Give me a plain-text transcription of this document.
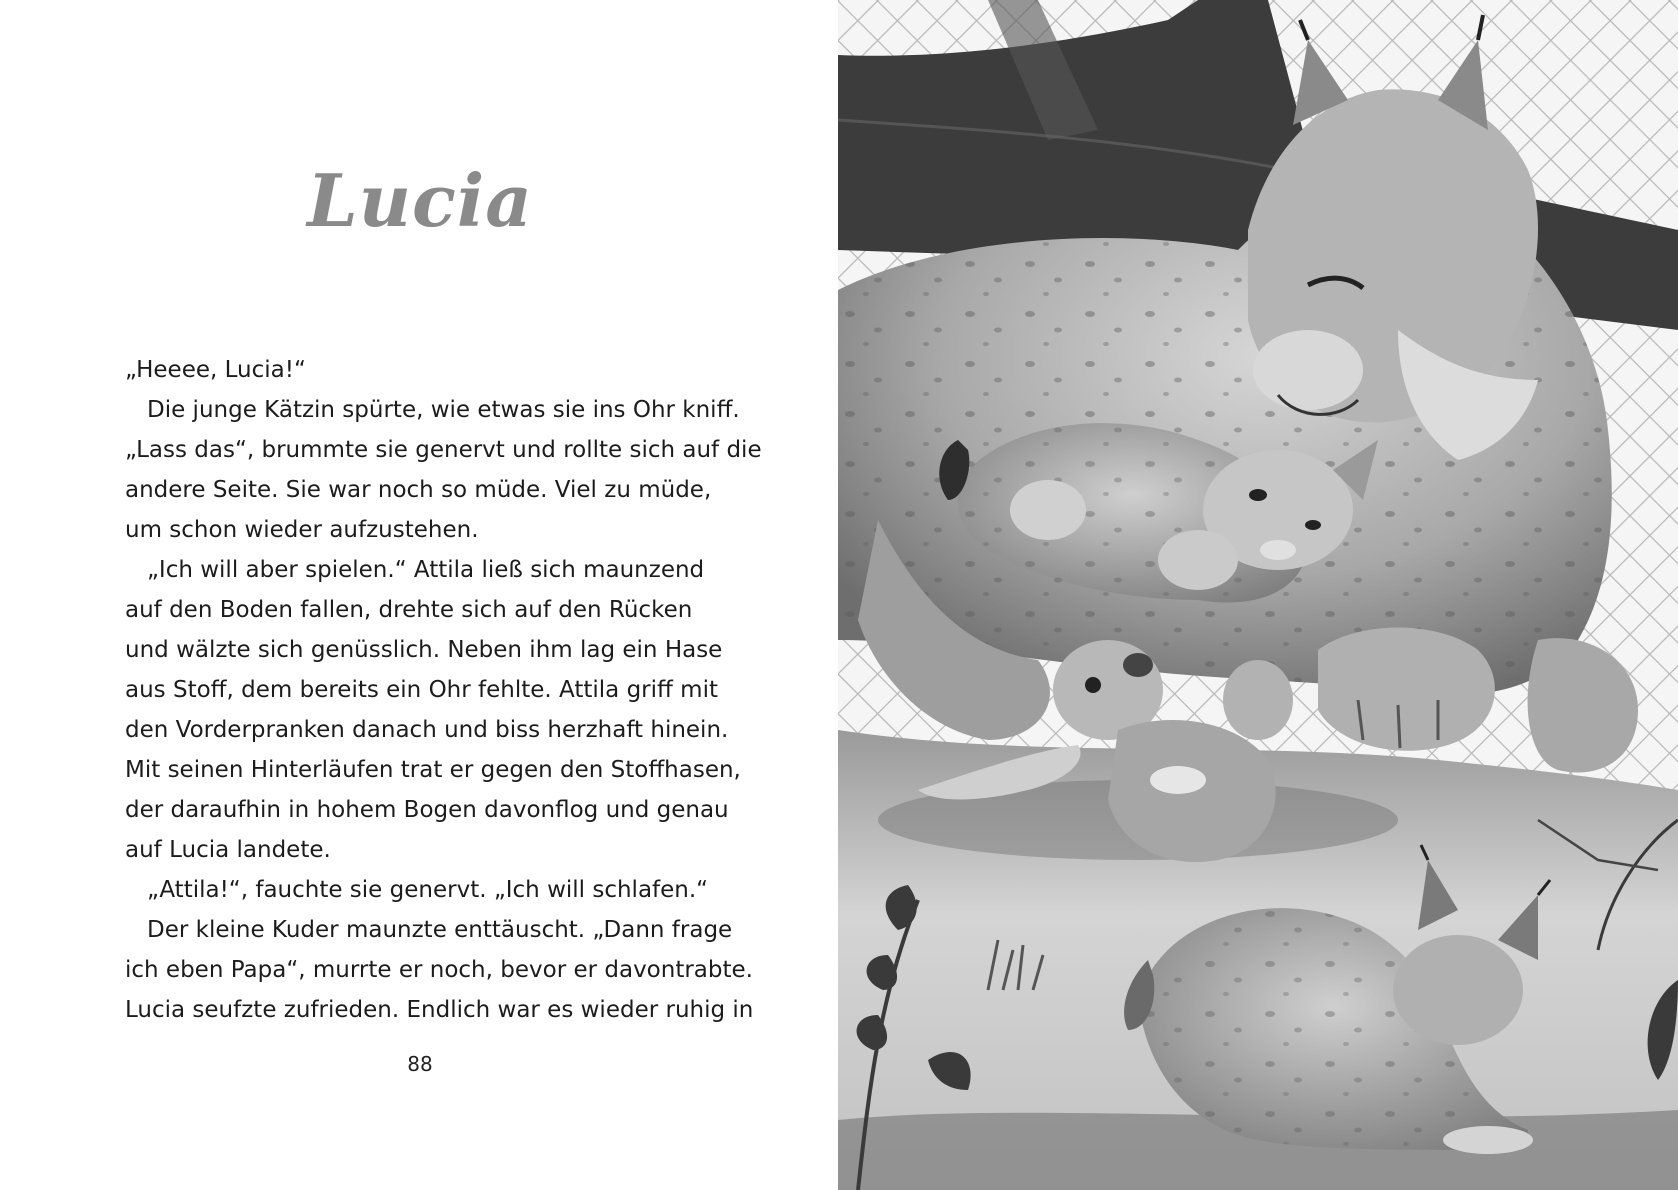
Lucia
„Heeee, Lucia!“
Die junge Kätzin spürte, wie etwas sie ins Ohr kniff.
„Lass das“, brummte sie genervt und rollte sich auf die
andere Seite. Sie war noch so müde. Viel zu müde,
um schon wieder aufzustehen.
„Ich will aber spielen.“ Attila ließ sich maunzend
auf den Boden fallen, drehte sich auf den Rücken
und wälzte sich genüsslich. Neben ihm lag ein Hase
aus Stoff, dem bereits ein Ohr fehlte. Attila griff mit
den Vorderpranken danach und biss herzhaft hinein.
Mit seinen Hinterläufen trat er gegen den Stoffhasen,
der daraufhin in hohem Bogen davonflog und genau
auf Lucia landete.
„Attila!“, fauchte sie genervt. „Ich will schlafen.“
Der kleine Kuder maunzte enttäuscht. „Dann frage
ich eben Papa“, murrte er noch, bevor er davontrabte.
Lucia seufzte zufrieden. Endlich war es wieder ruhig in
88
